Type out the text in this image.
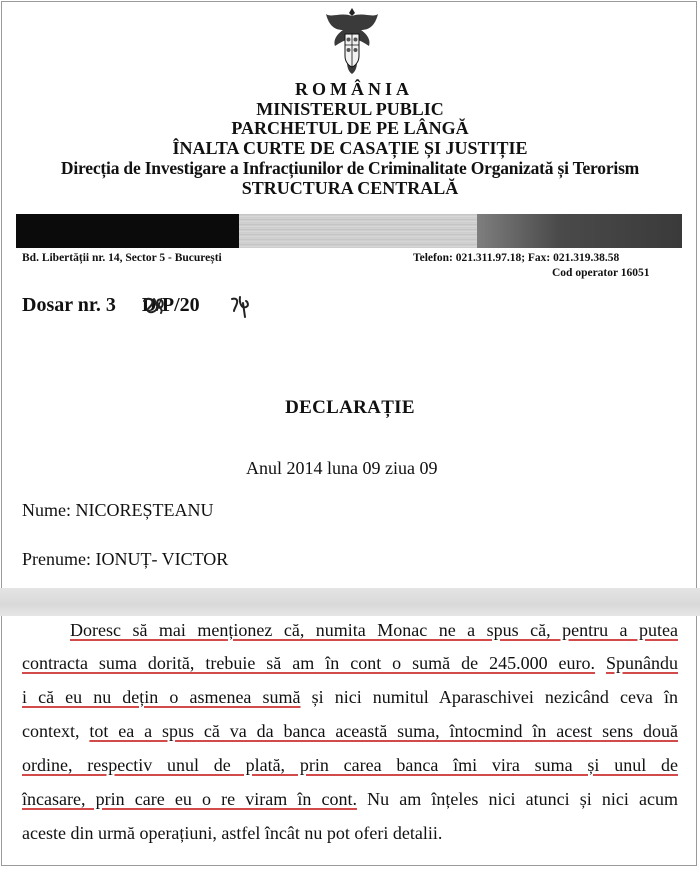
ROMÂNIA
MINISTERUL PUBLIC
PARCHETUL DE PE LÂNGĂ
ÎNALTA CURTE DE CASAȚIE ȘI JUSTIȚIE
Direcția de Investigare a Infracțiunilor de Criminalitate Organizată și Terorism
STRUCTURA CENTRALĂ
Bd. Libertății nr. 14, Sector 5 - București	Telefon: 021.311.97.18; Fax: 021.319.38.58
Cod operator 16051
Dosar nr. 3 D/P/20
DECLARAȚIE
Anul 2014 luna 09 ziua 09
Nume: NICOREȘTEANU
Prenume: IONUȚ- VICTOR
Doresc să mai menționez că, numita Monac ne a spus că, pentru a putea
contracta suma dorită, trebuie să am în cont o sumă de 245.000 euro. Spunându
i că eu nu dețin o asmenea sumă și nici numitul Aparaschivei nezicând ceva în
context, tot ea a spus că va da banca această suma, întocmind în acest sens două
ordine, respectiv unul de plată, prin carea banca îmi vira suma și unul de
încasare, prin care eu o re viram în cont. Nu am înțeles nici atunci și nici acum
aceste din urmă operațiuni, astfel încât nu pot oferi detalii.
